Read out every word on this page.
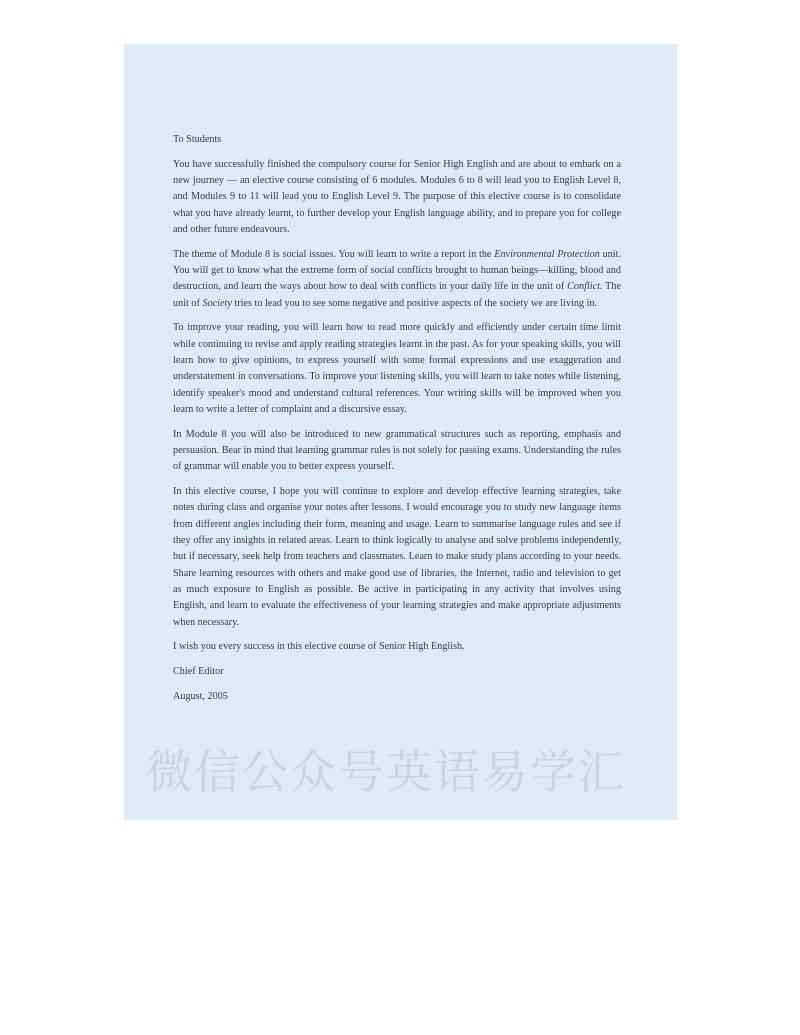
To Students

You have successfully finished the compulsory course for Senior High English and are about to embark on a new journey — an elective course consisting of 6 modules. Modules 6 to 8 will lead you to English Level 8, and Modules 9 to 11 will lead you to English Level 9. The purpose of this elective course is to consolidate what you have already learnt, to further develop your English language ability, and to prepare you for college and other future endeavours.

The theme of Module 8 is social issues. You will learn to write a report in the Environmental Protection unit. You will get to know what the extreme form of social conflicts brought to human beings—killing, blood and destruction, and learn the ways about how to deal with conflicts in your daily life in the unit of Conflict. The unit of Society tries to lead you to see some negative and positive aspects of the society we are living in.

To improve your reading, you will learn how to read more quickly and efficiently under certain time limit while continuing to revise and apply reading strategies learnt in the past. As for your speaking skills, you will learn how to give opinions, to express yourself with some formal expressions and use exaggeration and understatement in conversations. To improve your listening skills, you will learn to take notes while listening, identify speaker's mood and understand cultural references. Your writing skills will be improved when you learn to write a letter of complaint and a discursive essay.

In Module 8 you will also be introduced to new grammatical structures such as reporting, emphasis and persuasion. Bear in mind that learning grammar rules is not solely for passing exams. Understanding the rules of grammar will enable you to better express yourself.

In this elective course, I hope you will continue to explore and develop effective learning strategies, take notes during class and organise your notes after lessons. I would encourage you to study new language items from different angles including their form, meaning and usage. Learn to summarise language rules and see if they offer any insights in related areas. Learn to think logically to analyse and solve problems independently, but if necessary, seek help from teachers and classmates. Learn to make study plans according to your needs. Share learning resources with others and make good use of libraries, the Internet, radio and television to get as much exposure to English as possible. Be active in participating in any activity that involves using English, and learn to evaluate the effectiveness of your learning strategies and make appropriate adjustments when necessary.

I wish you every success in this elective course of Senior High English.

Chief Editor

August, 2005

微信公众号英语易学汇
